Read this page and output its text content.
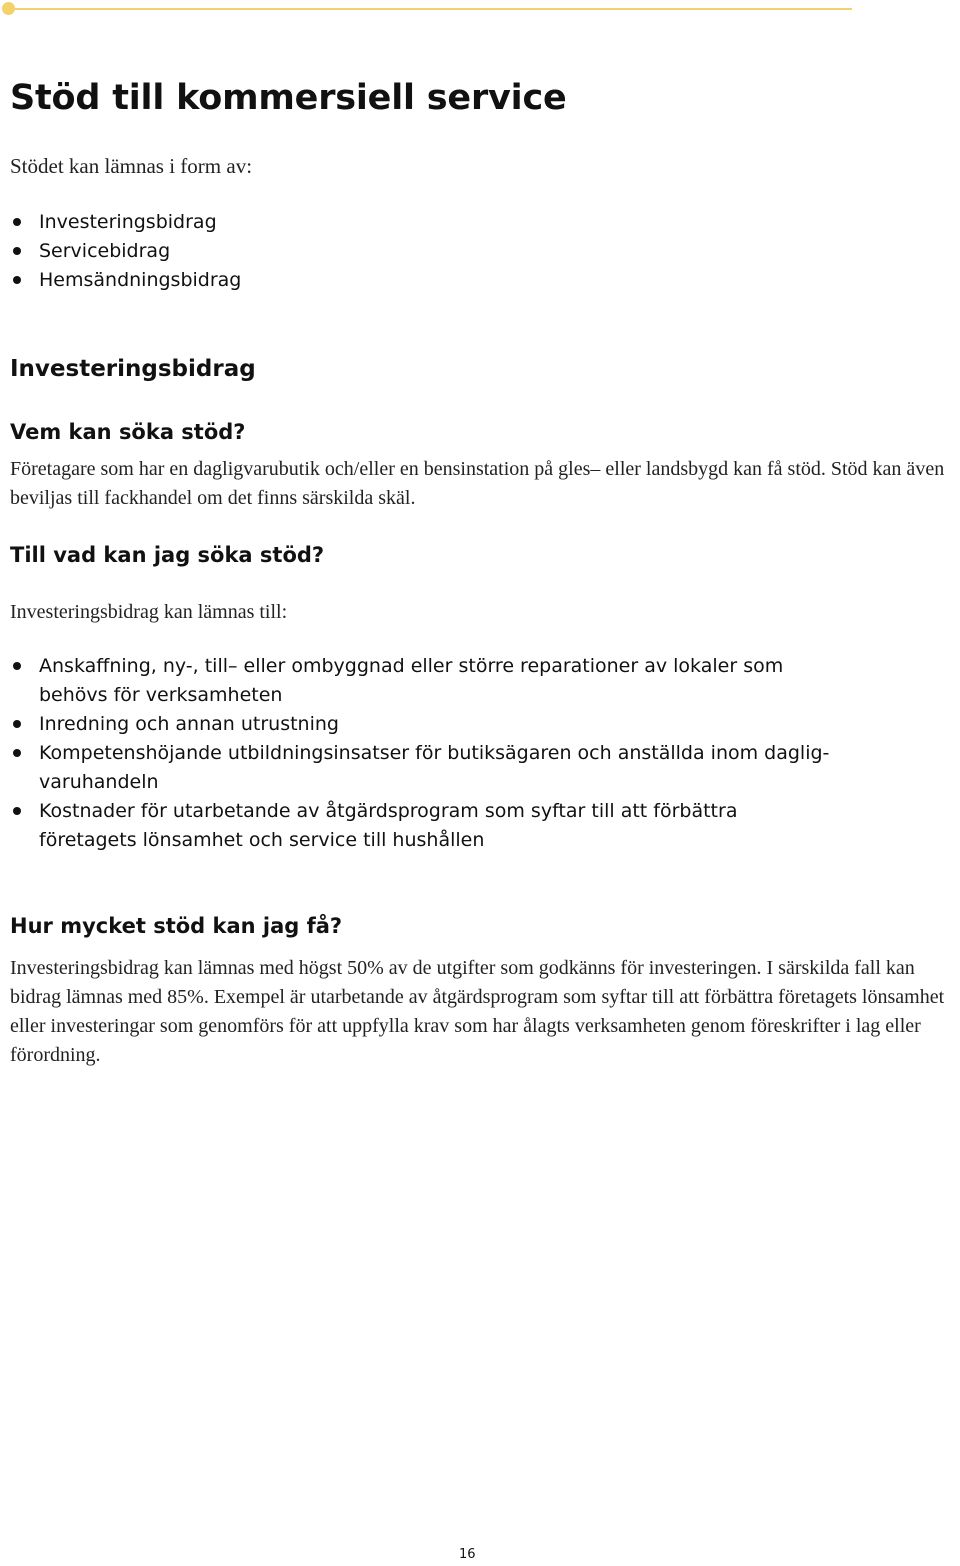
Stöd till kommersiell service

Stödet kan lämnas i form av:

Investeringsbidrag
Servicebidrag
Hemsändningsbidrag
Investeringsbidrag
Vem kan söka stöd?

Företagare som har en dagligvarubutik och/eller en bensinstation på gles– eller landsbygd kan få stöd. Stöd kan även beviljas till fackhandel om det finns särskilda skäl.

Till vad kan jag söka stöd?

Investeringsbidrag kan lämnas till:

Anskaffning, ny-, till– eller ombyggnad eller större reparationer av lokaler som behövs för verksamheten
Inredning och annan utrustning
Kompetenshöjande utbildningsinsatser för butiksägaren och anställda inom daglig-varuhandeln
Kostnader för utarbetande av åtgärdsprogram som syftar till att förbättra företagets lönsamhet och service till hushållen
Hur mycket stöd kan jag få?

Investeringsbidrag kan lämnas med högst 50% av de utgifter som godkänns för investeringen. I särskilda fall kan bidrag lämnas med 85%. Exempel är utarbetande av åtgärdsprogram som syftar till att förbättra företagets lönsamhet eller investeringar som genomförs för att uppfylla krav som har ålagts verksamheten genom föreskrifter i lag eller förordning.

16
